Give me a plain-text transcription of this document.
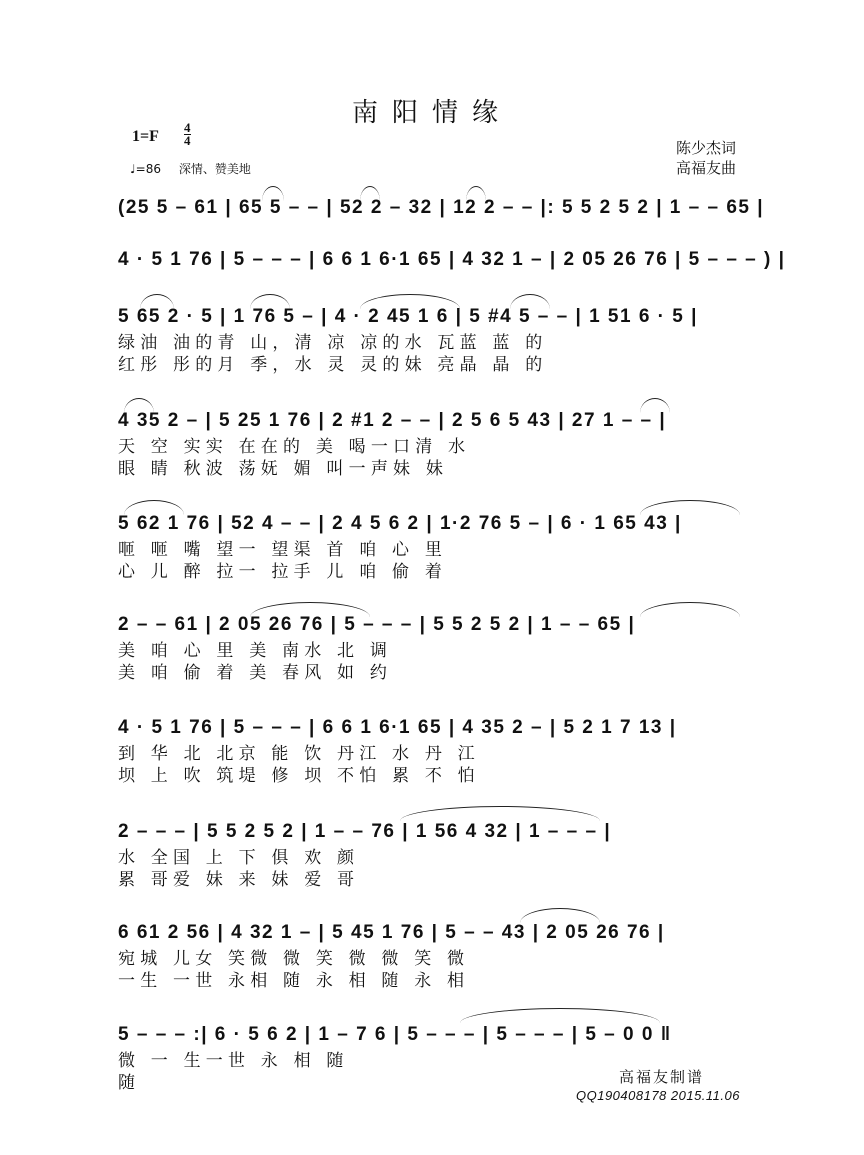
南阳情缘
1=F
4
4
♩=86 深情、赞美地
陈少杰词
高福友曲
(25 5 – 61 | 65 5 – – | 52 2 – 32 | 12 2 – – |: 5 5 2 5 2 | 1 – – 65 |
4 · 5 1 76 | 5 – – – | 6 6 1 6·1 65 | 4 32 1 – | 2 05 26 76 | 5 – – – ) |
5 65 2 · 5 | 1 76 5 – | 4 · 2 45 1 6 | 5 #4 5 – – | 1 51 6 · 5 |
绿油 油的青 山，清 凉 凉的水 瓦蓝 蓝 的
红彤 彤的月 季，水 灵 灵的妹 亮晶 晶 的
4 35 2 – | 5 25 1 76 | 2 #1 2 – – | 2 5 6 5 43 | 27 1 – – |
天 空 实实 在在的 美 喝一口清 水
眼 睛 秋波 荡妩 媚 叫一声妹 妹
5 62 1 76 | 52 4 – – | 2 4 5 6 2 | 1·2 76 5 – | 6 · 1 65 43 |
咂 咂 嘴 望一 望渠 首 咱 心 里
心 儿 醉 拉一 拉手 儿 咱 偷 着
2 – – 61 | 2 05 26 76 | 5 – – – | 5 5 2 5 2 | 1 – – 65 |
美 咱 心 里 美 南水 北 调
美 咱 偷 着 美 春风 如 约
4 · 5 1 76 | 5 – – – | 6 6 1 6·1 65 | 4 35 2 – | 5 2 1 7 13 |
到 华 北 北京 能 饮 丹江 水 丹 江
坝 上 吹 筑堤 修 坝 不怕 累 不 怕
2 – – – | 5 5 2 5 2 | 1 – – 76 | 1 56 4 32 | 1 – – – |
水 全国 上 下 俱 欢 颜
累 哥爱 妹 来 妹 爱 哥
6 61 2 56 | 4 32 1 – | 5 45 1 76 | 5 – – 43 | 2 05 26 76 |
宛城 儿女 笑微 微 笑 微 微 笑 微
一生 一世 永相 随 永 相 随 永 相
5 – – – :| 6 · 5 6 2 | 1 – 7 6 | 5 – – – | 5 – – – | 5 – 0 0 ‖
微 一 生一世 永 相 随
随	高福友制谱
QQ190408178 2015.11.06
